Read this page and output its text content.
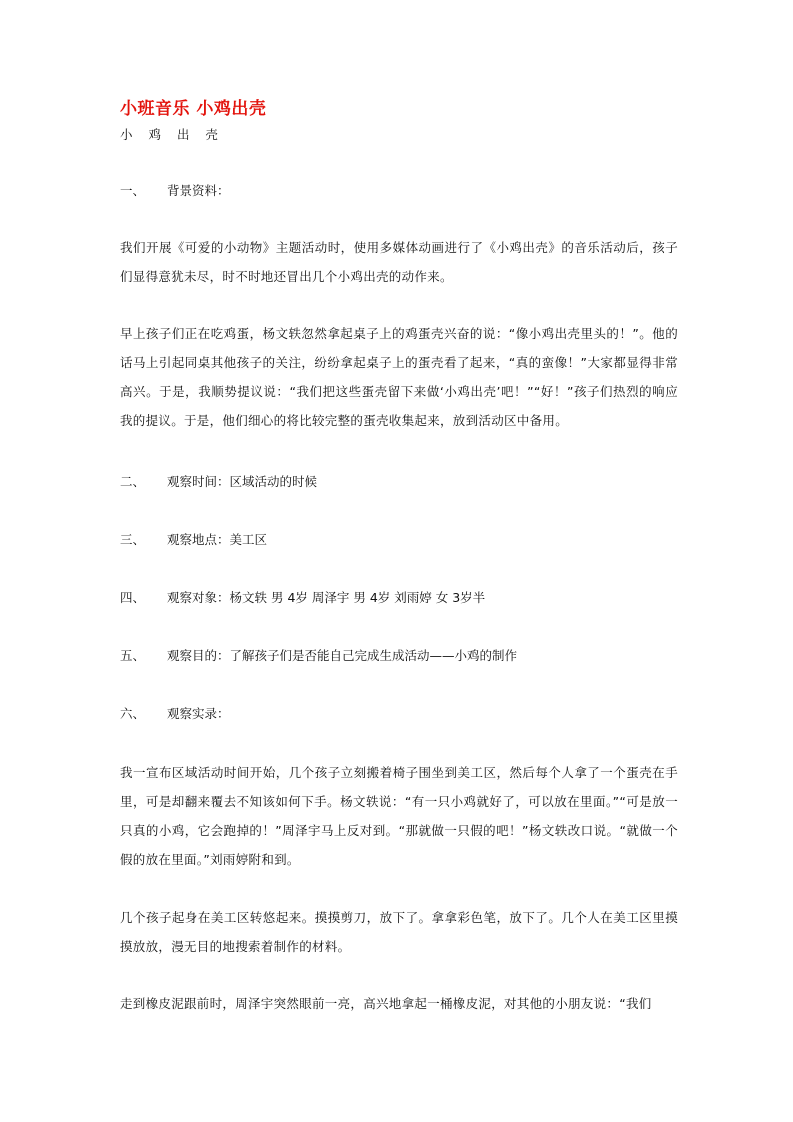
小班音乐 小鸡出壳
小 鸡 出 壳
一、 背景资料：
我们开展《可爱的小动物》主题活动时，使用多媒体动画进行了《小鸡出壳》的音乐活动后，孩子们显得意犹未尽，时不时地还冒出几个小鸡出壳的动作来。
早上孩子们正在吃鸡蛋，杨文轶忽然拿起桌子上的鸡蛋壳兴奋的说：“像小鸡出壳里头的！”。他的话马上引起同桌其他孩子的关注，纷纷拿起桌子上的蛋壳看了起来，“真的蛮像！”大家都显得非常高兴。于是，我顺势提议说：“我们把这些蛋壳留下来做‘小鸡出壳’吧！”“好！”孩子们热烈的响应我的提议。于是，他们细心的将比较完整的蛋壳收集起来，放到活动区中备用。
二、 观察时间：区域活动的时候
三、 观察地点：美工区
四、 观察对象：杨文轶 男 4岁 周泽宇 男 4岁 刘雨婷 女 3岁半
五、 观察目的：了解孩子们是否能自己完成生成活动——小鸡的制作
六、 观察实录：
我一宣布区域活动时间开始，几个孩子立刻搬着椅子围坐到美工区，然后每个人拿了一个蛋壳在手里，可是却翻来覆去不知该如何下手。杨文轶说：“有一只小鸡就好了，可以放在里面。”“可是放一只真的小鸡，它会跑掉的！”周泽宇马上反对到。“那就做一只假的吧！”杨文轶改口说。“就做一个假的放在里面。”刘雨婷附和到。
几个孩子起身在美工区转悠起来。摸摸剪刀，放下了。拿拿彩色笔，放下了。几个人在美工区里摸摸放放，漫无目的地搜索着制作的材料。
走到橡皮泥跟前时，周泽宇突然眼前一亮，高兴地拿起一桶橡皮泥，对其他的小朋友说：“我们
